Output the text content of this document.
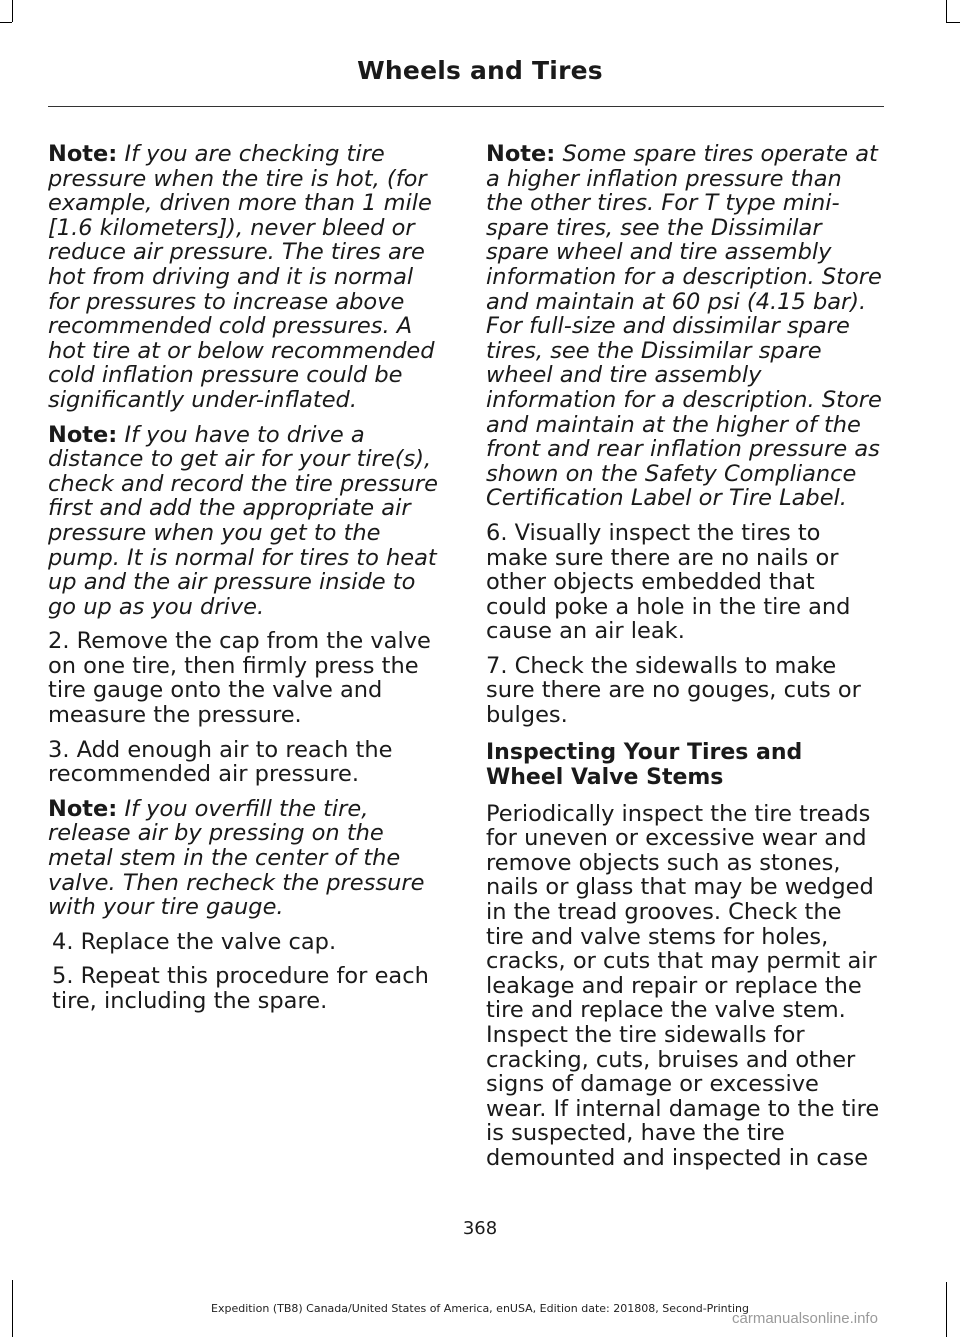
Wheels and Tires

Note: If you are checking tire pressure when the tire is hot, (for example, driven more than 1 mile [1.6 kilometers]), never bleed or reduce air pressure. The tires are hot from driving and it is normal for pressures to increase above recommended cold pressures. A hot tire at or below recommended cold inflation pressure could be significantly under-inflated.

Note: If you have to drive a distance to get air for your tire(s), check and record the tire pressure first and add the appropriate air pressure when you get to the pump. It is normal for tires to heat up and the air pressure inside to go up as you drive.

2. Remove the cap from the valve on one tire, then firmly press the tire gauge onto the valve and measure the pressure.

3. Add enough air to reach the recommended air pressure.

Note: If you overfill the tire, release air by pressing on the metal stem in the center of the valve. Then recheck the pressure with your tire gauge.

4. Replace the valve cap.

5. Repeat this procedure for each tire, including the spare.

Note: Some spare tires operate at a higher inflation pressure than the other tires. For T type mini-spare tires, see the Dissimilar spare wheel and tire assembly information for a description. Store and maintain at 60 psi (4.15 bar). For full-size and dissimilar spare tires, see the Dissimilar spare wheel and tire assembly information for a description. Store and maintain at the higher of the front and rear inflation pressure as shown on the Safety Compliance Certification Label or Tire Label.

6. Visually inspect the tires to make sure there are no nails or other objects embedded that could poke a hole in the tire and cause an air leak.

7. Check the sidewalls to make sure there are no gouges, cuts or bulges.

Inspecting Your Tires and Wheel Valve Stems

Periodically inspect the tire treads for uneven or excessive wear and remove objects such as stones, nails or glass that may be wedged in the tread grooves. Check the tire and valve stems for holes, cracks, or cuts that may permit air leakage and repair or replace the tire and replace the valve stem. Inspect the tire sidewalls for cracking, cuts, bruises and other signs of damage or excessive wear. If internal damage to the tire is suspected, have the tire demounted and inspected in case

368
Expedition (TB8) Canada/United States of America, enUSA, Edition date: 201808, Second-Printing
carmanualsonline.info
